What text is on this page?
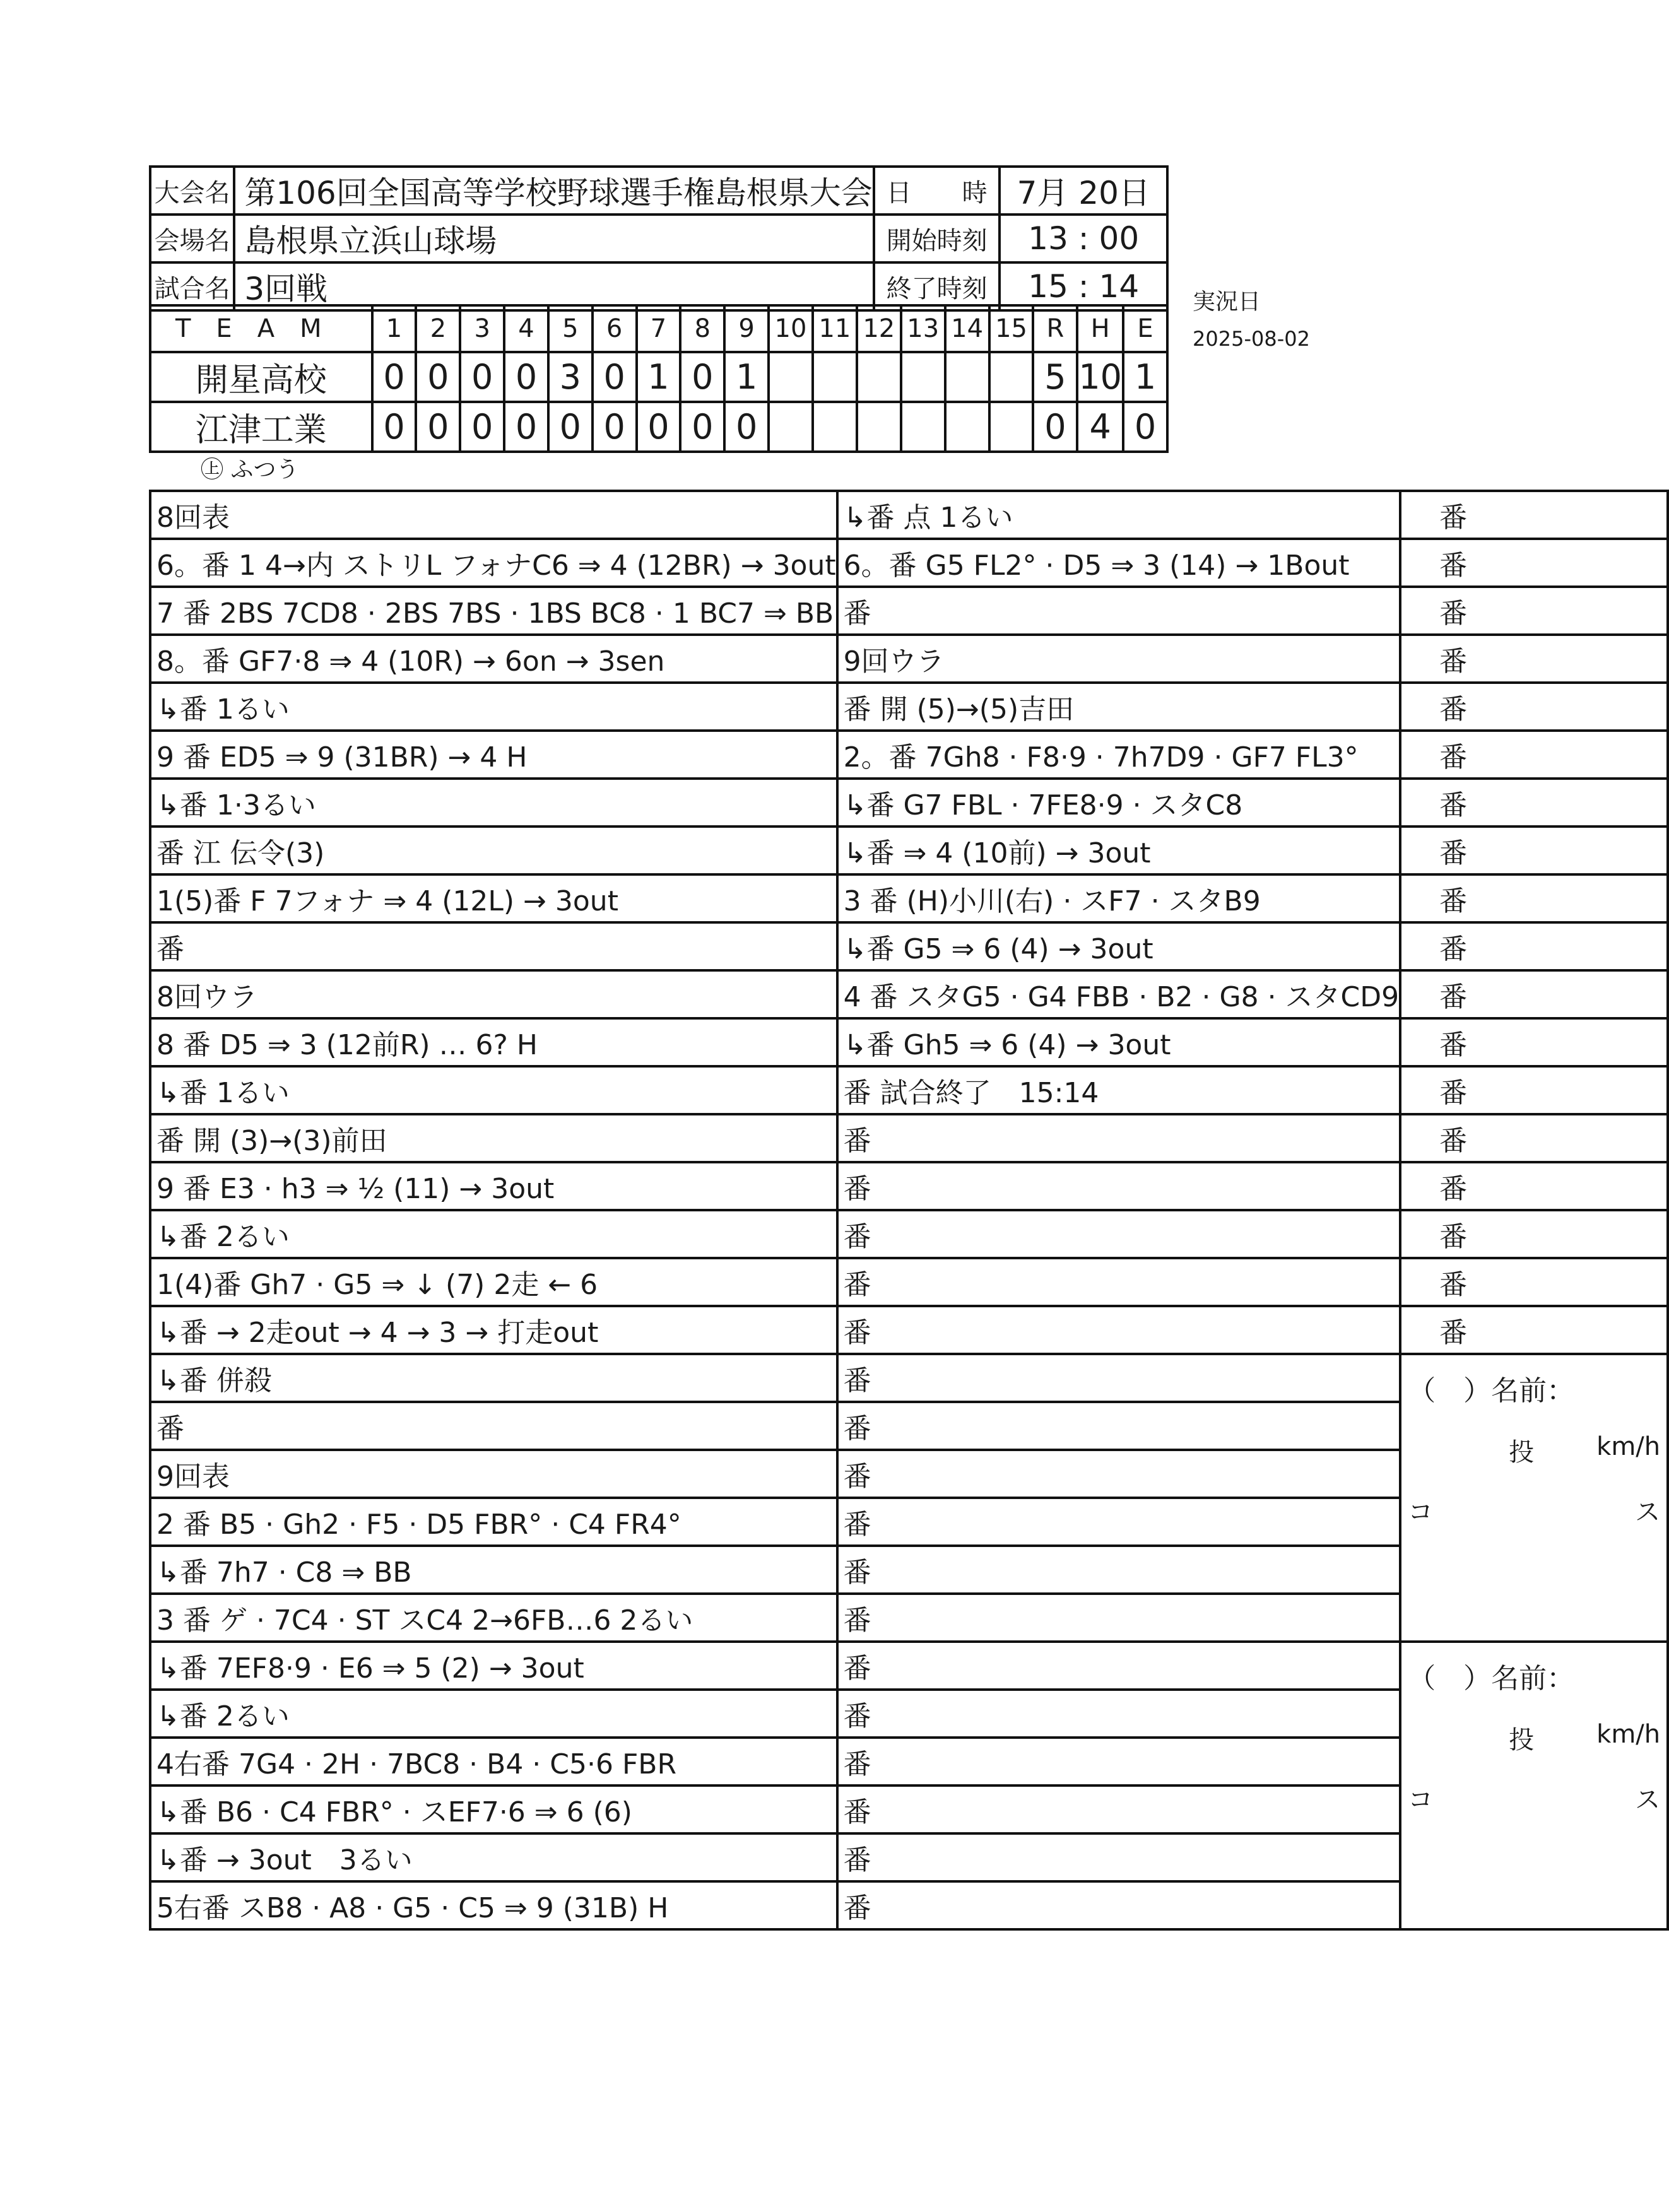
大会名	第106回全国高等学校野球選手権島根県大会	日　　時	7月 20日
会場名	島根県立浜山球場	開始時刻	13 : 00
試合名	3回戦	終了時刻	15 : 14 実況日
2025-08-02
TEAM	1	2	3	4	5	6	7	8	9	10	11	12	13	14	15	R	H	E
開星高校	0	0	0	0	3	0	1	0	1							5	10	1
江津工業	0	0	0	0	0	0	0	0	0							0	4	0
㊤ ふつう
8回表	↳番 点 1るい	番
6。番 1 4→内 ストリL フォナC6 ⇒ 4 (12BR) → 3out	6。番 G5 FL2° · D5 ⇒ 3 (14) → 1Bout	番
7 番 2BS 7CD8 · 2BS 7BS · 1BS BC8 · 1 BC7 ⇒ BB	番	番
8。番 GF7·8 ⇒ 4 (10R) → 6on → 3sen	9回ウラ	番
↳番 1るい	番 開 (5)→(5)吉田	番
9 番 ED5 ⇒ 9 (31BR) → 4 H	2。番 7Gh8 · F8·9 · 7h7D9 · GF7 FL3°	番
↳番 1·3るい	↳番 G7 FBL · 7FE8·9 · スタC8	番
番 江 伝令(3)	↳番 ⇒ 4 (10前) → 3out	番
1(5)番 F 7フォナ ⇒ 4 (12L) → 3out	3 番 (H)小川(右) · スF7 · スタB9	番
番	↳番 G5 ⇒ 6 (4) → 3out	番
8回ウラ	4 番 スタG5 · G4 FBB · B2 · G8 · スタCD9	番
8 番 D5 ⇒ 3 (12前R) … 6? H	↳番 Gh5 ⇒ 6 (4) → 3out	番
↳番 1るい	番 試合終了　15:14	番
番 開 (3)→(3)前田	番	番
9 番 E3 · h3 ⇒ ½ (11) → 3out	番	番
↳番 2るい	番	番
1(4)番 Gh7 · G5 ⇒ ↓ (7) 2走 ← 6	番	番
↳番 → 2走out → 4 → 3 → 打走out	番	番
↳番 併殺	番	（　）名前：
投 km/h
コ ス

番	番	
9回表	番	
2 番 B5 · Gh2 · F5 · D5 FBR° · C4 FR4°	番	
↳番 7h7 · C8 ⇒ BB	番	
3 番 ゲ · 7C4 · ST スC4 2→6FB…6 2るい	番	
↳番 7EF8·9 · E6 ⇒ 5 (2) → 3out	番	（　）名前：
投 km/h
コ ス

↳番 2るい	番	
4右番 7G4 · 2H · 7BC8 · B4 · C5·6 FBR	番	
↳番 B6 · C4 FBR° · スEF7·6 ⇒ 6 (6)	番	
↳番 → 3out　3るい	番	
5右番 スB8 · A8 · G5 · C5 ⇒ 9 (31B) H	番	
